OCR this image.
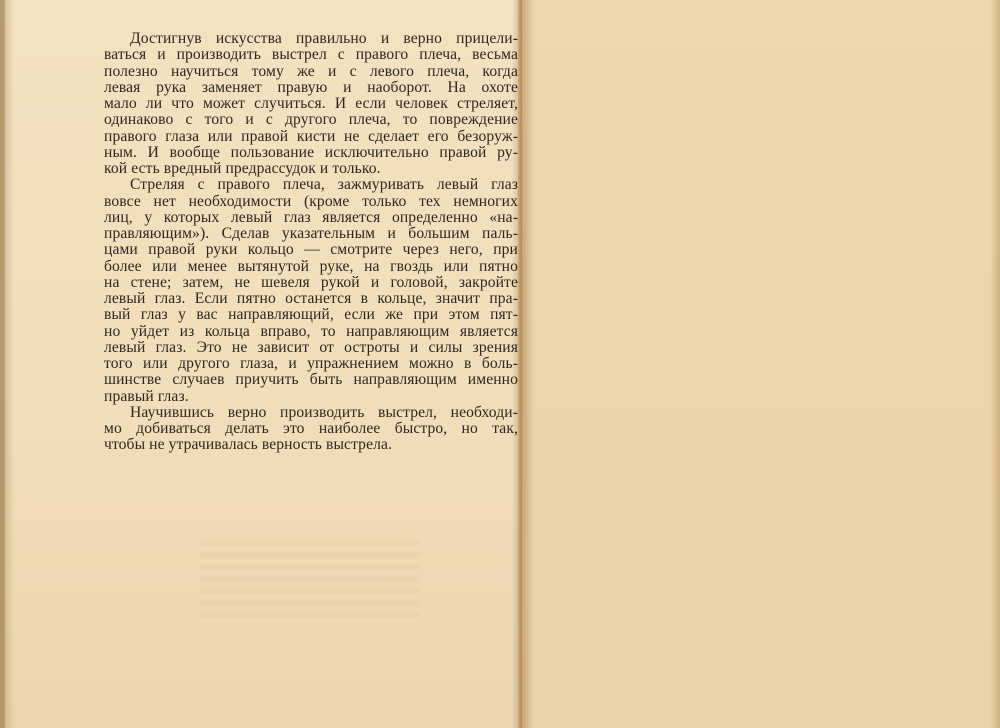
Достигнув искусства правильно и верно прицели-
ваться и производить выстрел с правого плеча, весьма
полезно научиться тому же и с левого плеча, когда
левая рука заменяет правую и наоборот. На охоте
мало ли что может случиться. И если человек стреляет,
одинаково с того и с другого плеча, то повреждение
правого глаза или правой кисти не сделает его безоруж-
ным. И вообще пользование исключительно правой ру-
кой есть вредный предрассудок и только.
Стреляя с правого плеча, зажмуривать левый глаз
вовсе нет необходимости (кроме только тех немногих
лиц, у которых левый глаз является определенно «на-
правляющим»). Сделав указательным и большим паль-
цами правой руки кольцо — смотрите через него, при
более или менее вытянутой руке, на гвоздь или пятно
на стене; затем, не шевеля рукой и головой, закройте
левый глаз. Если пятно останется в кольце, значит пра-
вый глаз у вас направляющий, если же при этом пят-
но уйдет из кольца вправо, то направляющим является
левый глаз. Это не зависит от остроты и силы зрения
того или другого глаза, и упражнением можно в боль-
шинстве случаев приучить быть направляющим именно
правый глаз.
Научившись верно производить выстрел, необходи-
мо добиваться делать это наиболее быстро, но так,
чтобы не утрачивалась верность выстрела.
